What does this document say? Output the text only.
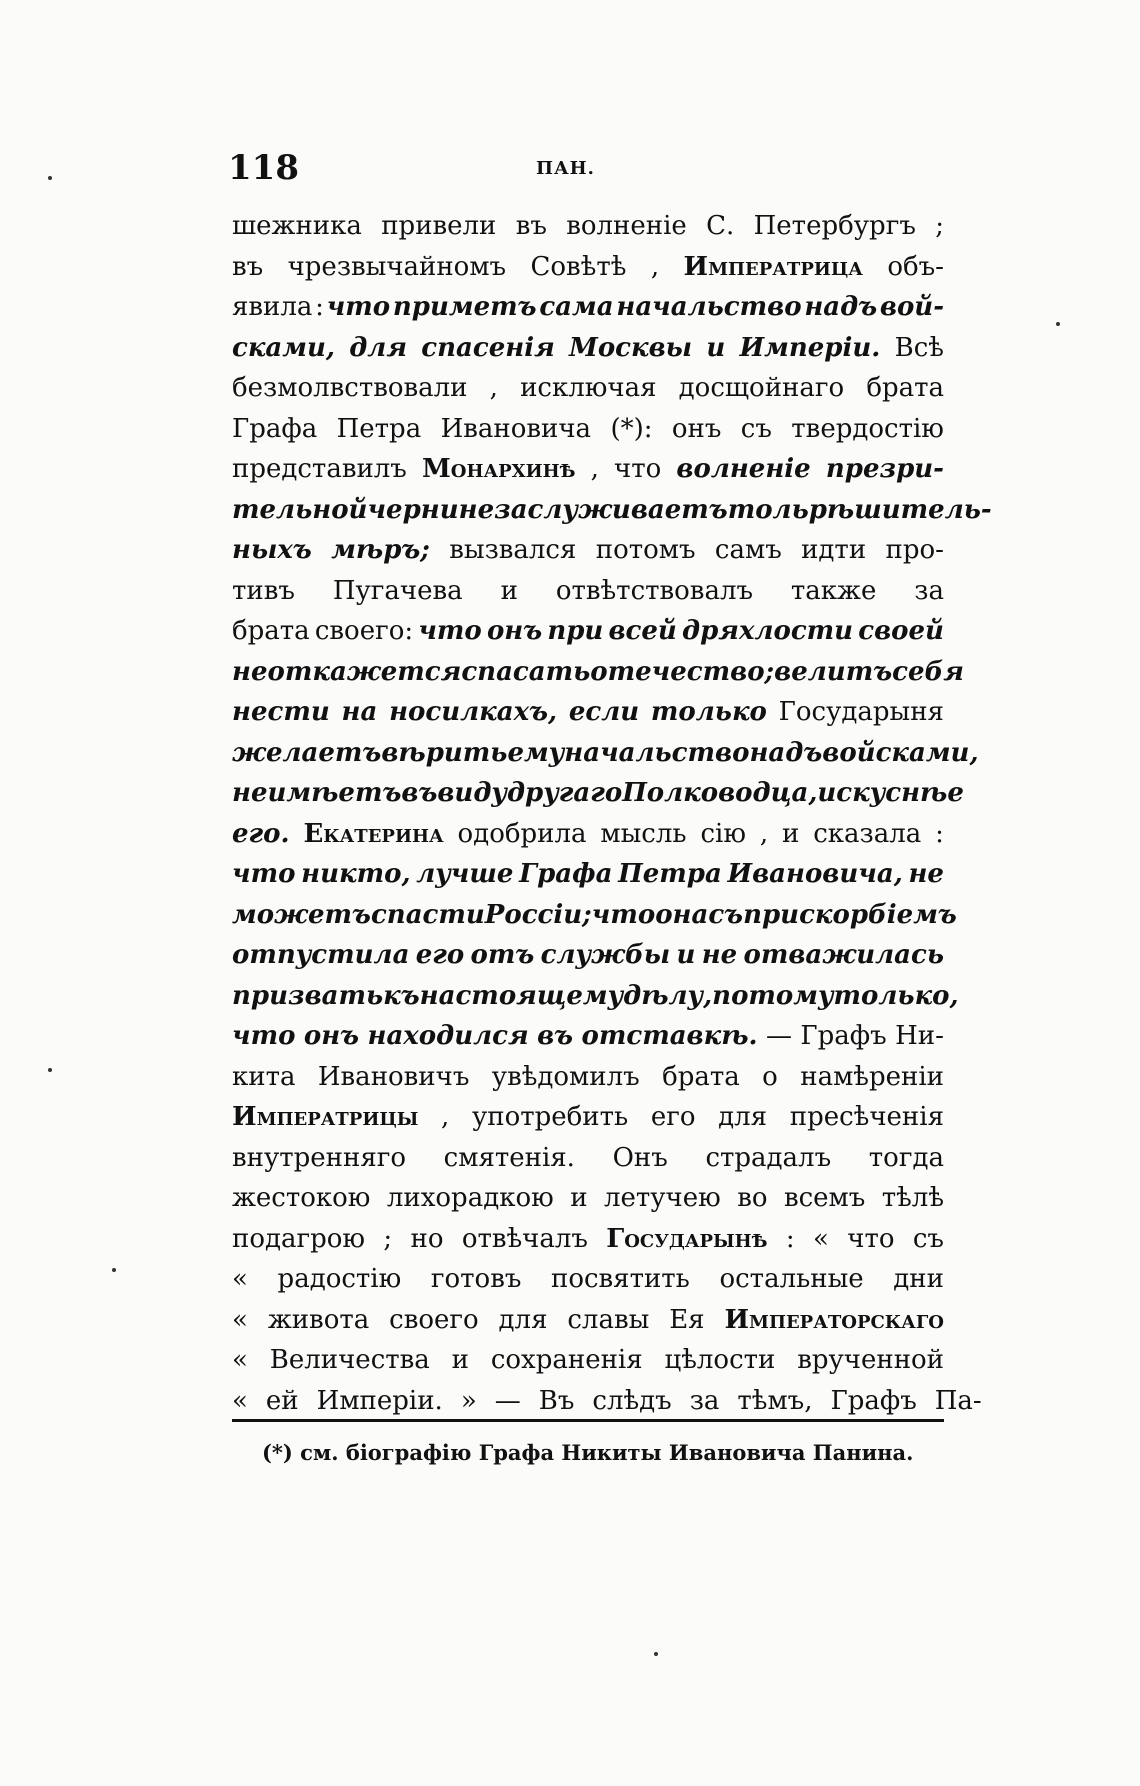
118	ПАН.
шежника привели въ волненіе С. Петербургъ ;
въ чрезвычайномъ Совѣтѣ , Императрица объ-
явила : что приметъ сама начальство надъ вой-
сками, для спасенія Москвы и Имперіи. Всѣ
безмолвствовали , исключая досщойнаго брата
Графа Петра Ивановича (*): онъ съ твердостію
представилъ Монархинѣ , что волненіе презри-
тельной черни не заслуживаетъ толь рѣшитель-
ныхъ мѣръ; вызвался потомъ самъ идти про-
тивъ Пугачева и отвѣтствовалъ также за
брата своего: что онъ при всей дряхлости своей
не откажется спасать отечество ; велитъ себя
нести на носилкахъ, если только Государыня
желаетъ вѣрить ему начальство надъ войсками,
не имѣетъ въ виду другаго Полководца, искуснѣе
его. Екатерина одобрила мысль сію , и сказала :
что никто, лучше Графа Петра Ивановича, не
можетъ спасти Россіи; что она съ прискорбіемъ
отпустила его отъ службы и не отважилась
призвать къ настоящему дѣлу, потому только,
что онъ находился въ отставкѣ. — Графъ Ни-
кита Ивановичъ увѣдомилъ брата о намѣреніи
Императрицы , употребить его для пресѣченія
внутренняго смятенія. Онъ страдалъ тогда
жестокою лихорадкою и летучею во всемъ тѣлѣ
подагрою ; но отвѣчалъ Государынѣ : « что съ
« радостію готовъ посвятить остальные дни
« живота своего для славы Ея Императорскаго
« Величества и сохраненія цѣлости врученной
« ей Имперіи. » — Въ слѣдъ за тѣмъ, Графъ Па-
(*) см. біографію Графа Никиты Ивановича Панина.
